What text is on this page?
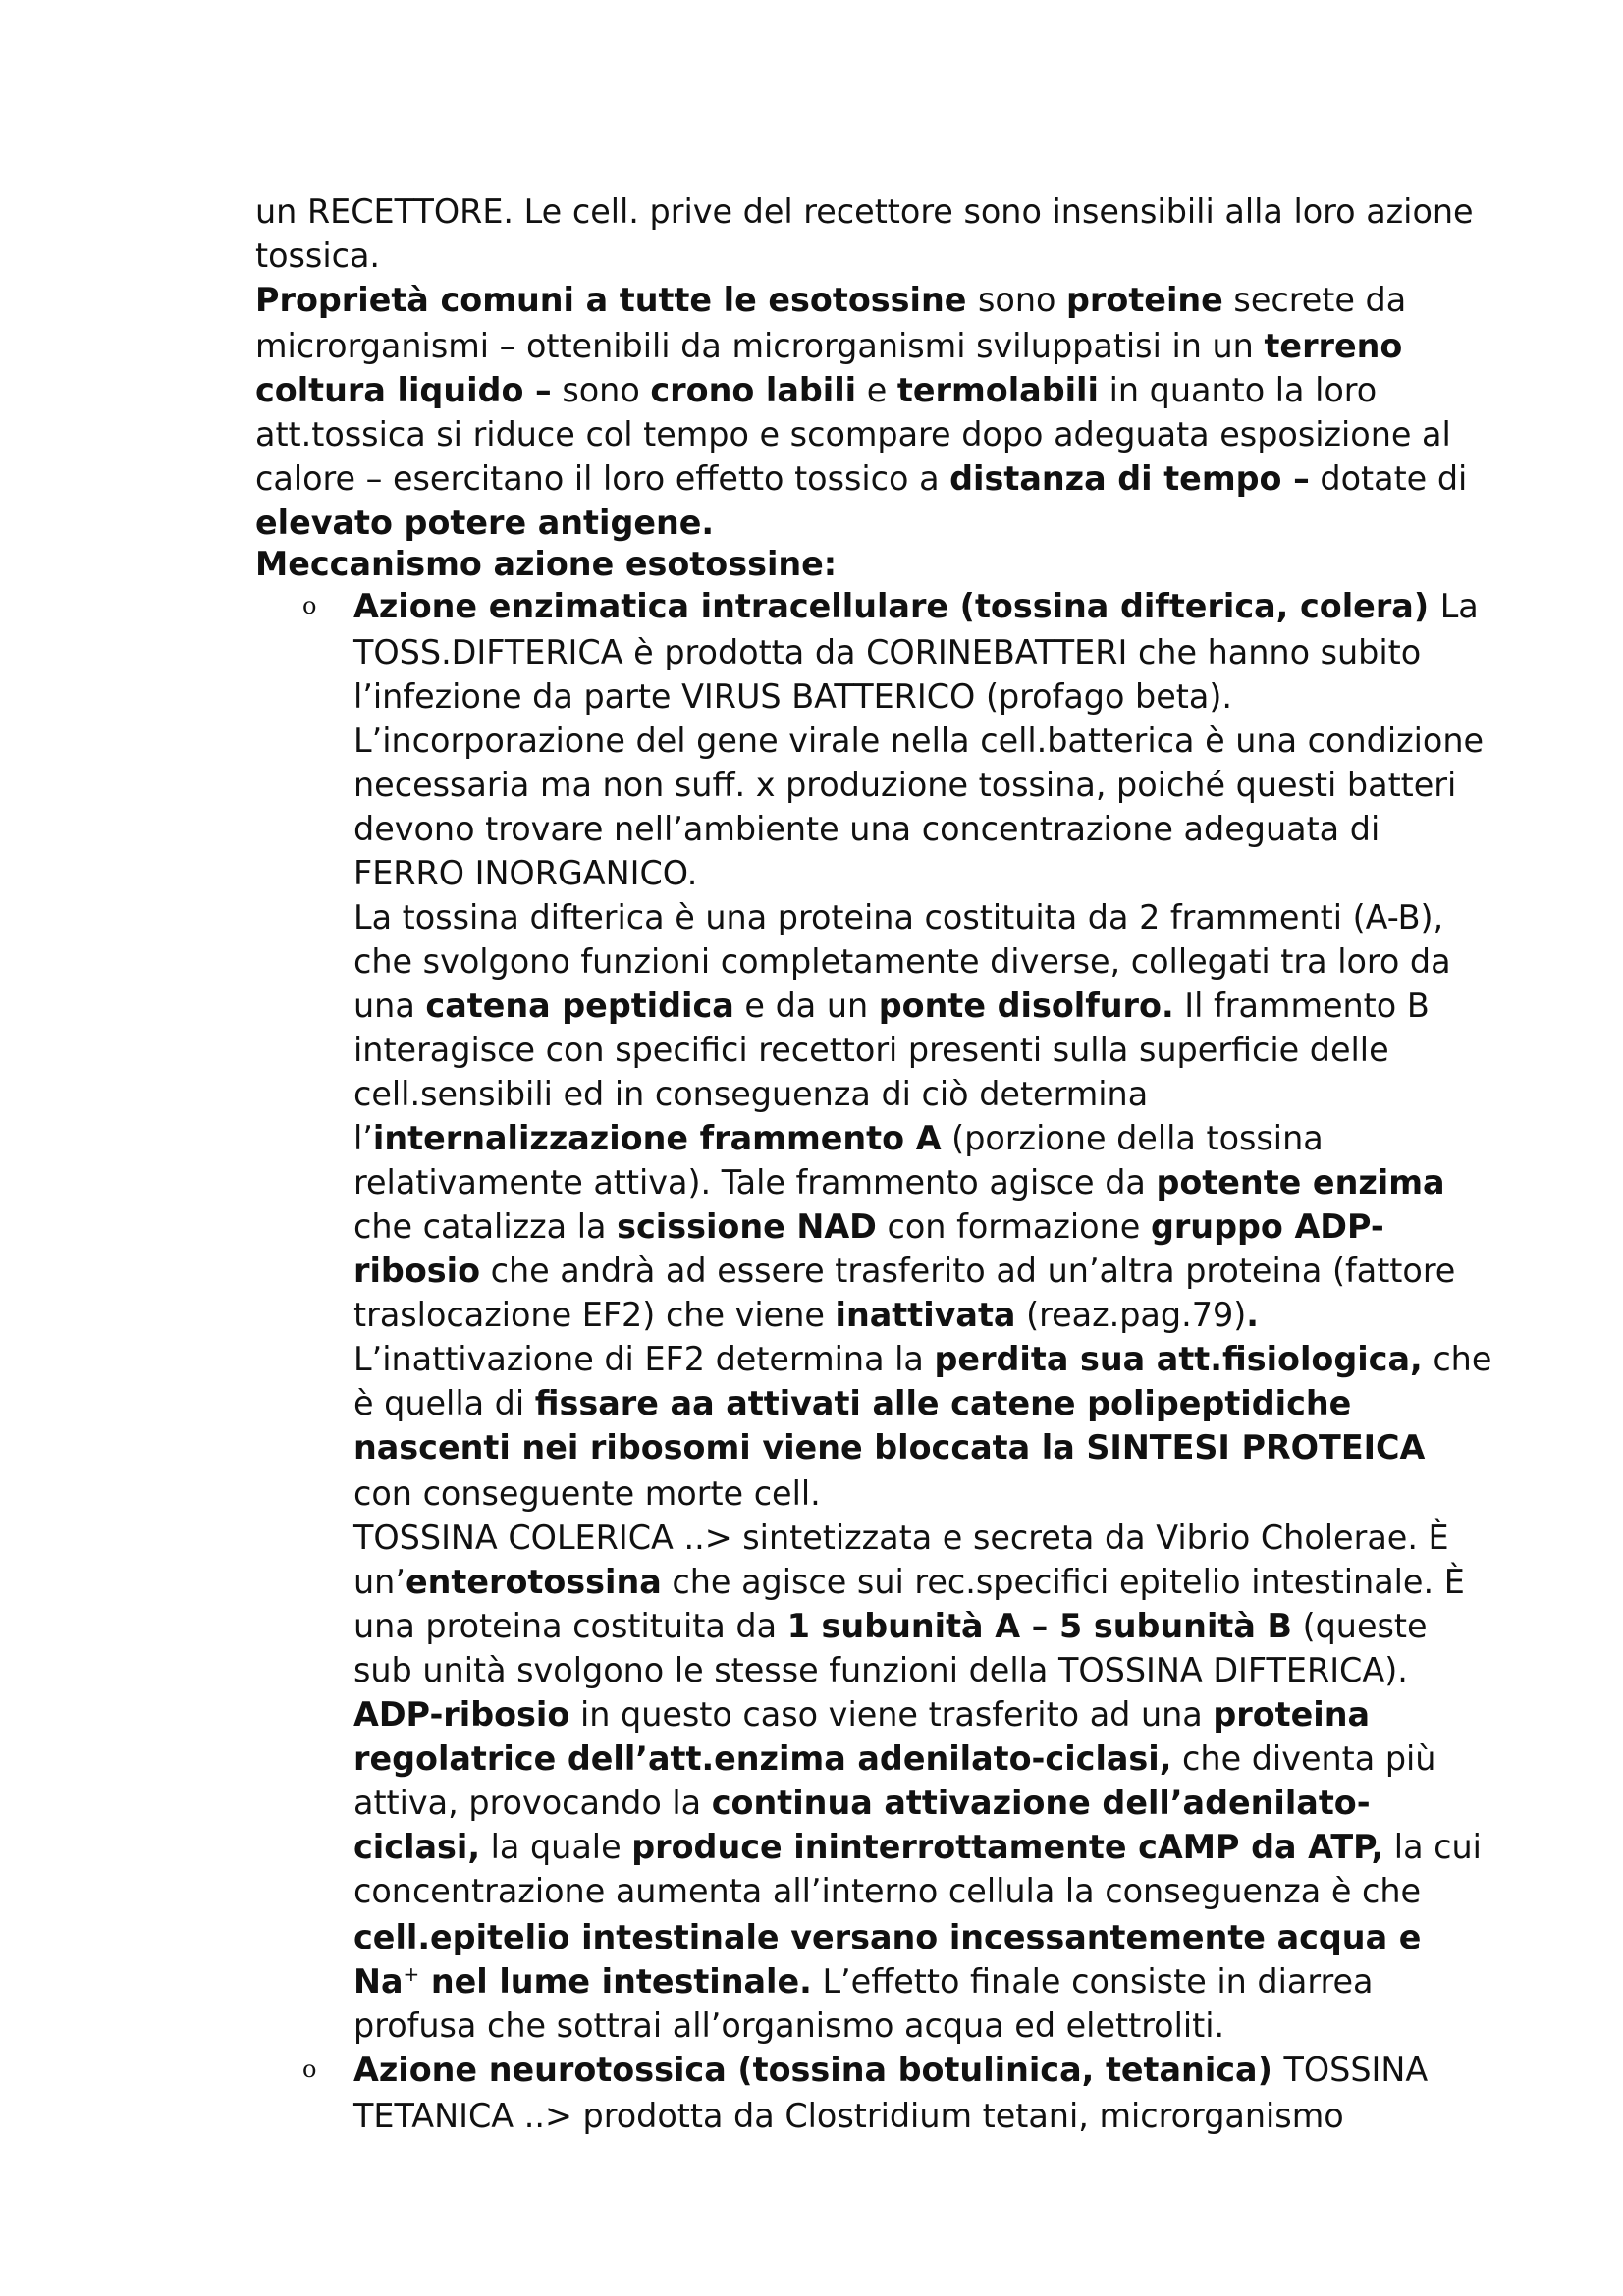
un RECETTORE. Le cell. prive del recettore sono insensibili alla loro azione tossica.

Proprietà comuni a tutte le esotossine sono proteine secrete da microrganismi – ottenibili da microrganismi sviluppatisi in un terreno coltura liquido – sono crono labili e termolabili in quanto la loro att.tossica si riduce col tempo e scompare dopo adeguata esposizione al calore – esercitano il loro effetto tossico a distanza di tempo – dotate di elevato potere antigene.

Meccanismo azione esotossine:

o Azione enzimatica intracellulare (tossina difterica, colera) La TOSS.DIFTERICA è prodotta da CORINEBATTERI che hanno subito l’infezione da parte VIRUS BATTERICO (profago beta). L’incorporazione del gene virale nella cell.batterica è una condizione necessaria ma non suff. x produzione tossina, poiché questi batteri devono trovare nell’ambiente una concentrazione adeguata di FERRO INORGANICO.

La tossina difterica è una proteina costituita da 2 frammenti (A-B), che svolgono funzioni completamente diverse, collegati tra loro da una catena peptidica e da un ponte disolfuro. Il frammento B interagisce con specifici recettori presenti sulla superficie delle cell.sensibili ed in conseguenza di ciò determina l’internalizzazione frammento A (porzione della tossina relativamente attiva). Tale frammento agisce da potente enzima che catalizza la scissione NAD con formazione gruppo ADP-ribosio che andrà ad essere trasferito ad un’altra proteina (fattore traslocazione EF2) che viene inattivata (reaz.pag.79). L’inattivazione di EF2 determina la perdita sua att.fisiologica, che è quella di fissare aa attivati alle catene polipeptidiche nascenti nei ribosomi viene bloccata la SINTESI PROTEICA con conseguente morte cell.

TOSSINA COLERICA ..> sintetizzata e secreta da Vibrio Cholerae. È un’enterotossina che agisce sui rec.specifici epitelio intestinale. È una proteina costituita da 1 subunità A – 5 subunità B (queste sub unità svolgono le stesse funzioni della TOSSINA DIFTERICA). ADP-ribosio in questo caso viene trasferito ad una proteina regolatrice dell’att.enzima adenilato-ciclasi, che diventa più attiva, provocando la continua attivazione dell’adenilato-ciclasi, la quale produce ininterrottamente cAMP da ATP, la cui concentrazione aumenta all’interno cellula la conseguenza è che cell.epitelio intestinale versano incessantemente acqua e Na+ nel lume intestinale. L’effetto finale consiste in diarrea profusa che sottrai all’organismo acqua ed elettroliti.

o Azione neurotossica (tossina botulinica, tetanica) TOSSINA TETANICA ..> prodotta da Clostridium tetani, microrganismo
